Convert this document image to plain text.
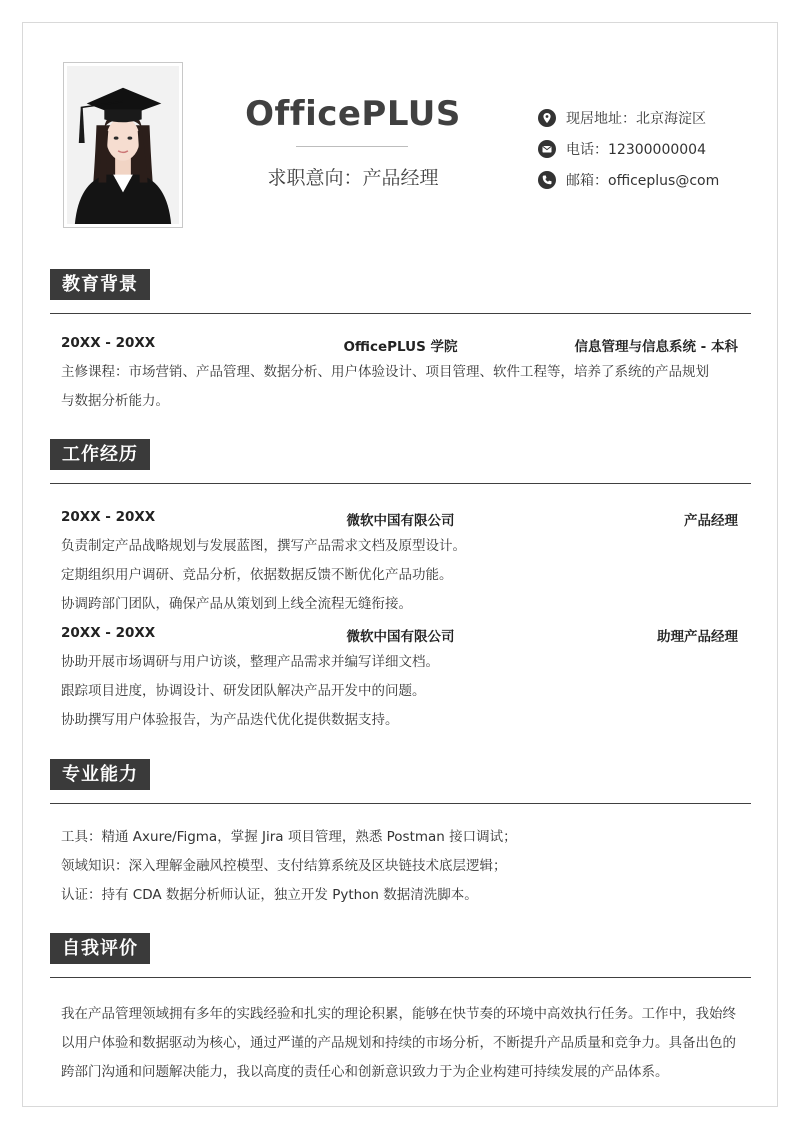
OfficePLUS
求职意向：产品经理
现居地址：北京海淀区
电话：12300000004
邮箱：officeplus@com
教育背景
20XX - 20XX	OfficePLUS 学院	信息管理与信息系统 - 本科
主修课程：市场营销、产品管理、数据分析、用户体验设计、项目管理、软件工程等，培养了系统的产品规划
与数据分析能力。
工作经历
20XX - 20XX	微软中国有限公司	产品经理
负责制定产品战略规划与发展蓝图，撰写产品需求文档及原型设计。
定期组织用户调研、竞品分析，依据数据反馈不断优化产品功能。
协调跨部门团队，确保产品从策划到上线全流程无缝衔接。
20XX - 20XX	微软中国有限公司	助理产品经理
协助开展市场调研与用户访谈，整理产品需求并编写详细文档。
跟踪项目进度，协调设计、研发团队解决产品开发中的问题。
协助撰写用户体验报告，为产品迭代优化提供数据支持。
专业能力
工具：精通 Axure/Figma，掌握 Jira 项目管理，熟悉 Postman 接口调试；
领域知识：深入理解金融风控模型、支付结算系统及区块链技术底层逻辑；
认证：持有 CDA 数据分析师认证，独立开发 Python 数据清洗脚本。
自我评价
我在产品管理领域拥有多年的实践经验和扎实的理论积累，能够在快节奏的环境中高效执行任务。工作中，我始终以用户体验和数据驱动为核心，通过严谨的产品规划和持续的市场分析，不断提升产品质量和竞争力。具备出色的跨部门沟通和问题解决能力，我以高度的责任心和创新意识致力于为企业构建可持续发展的产品体系。
